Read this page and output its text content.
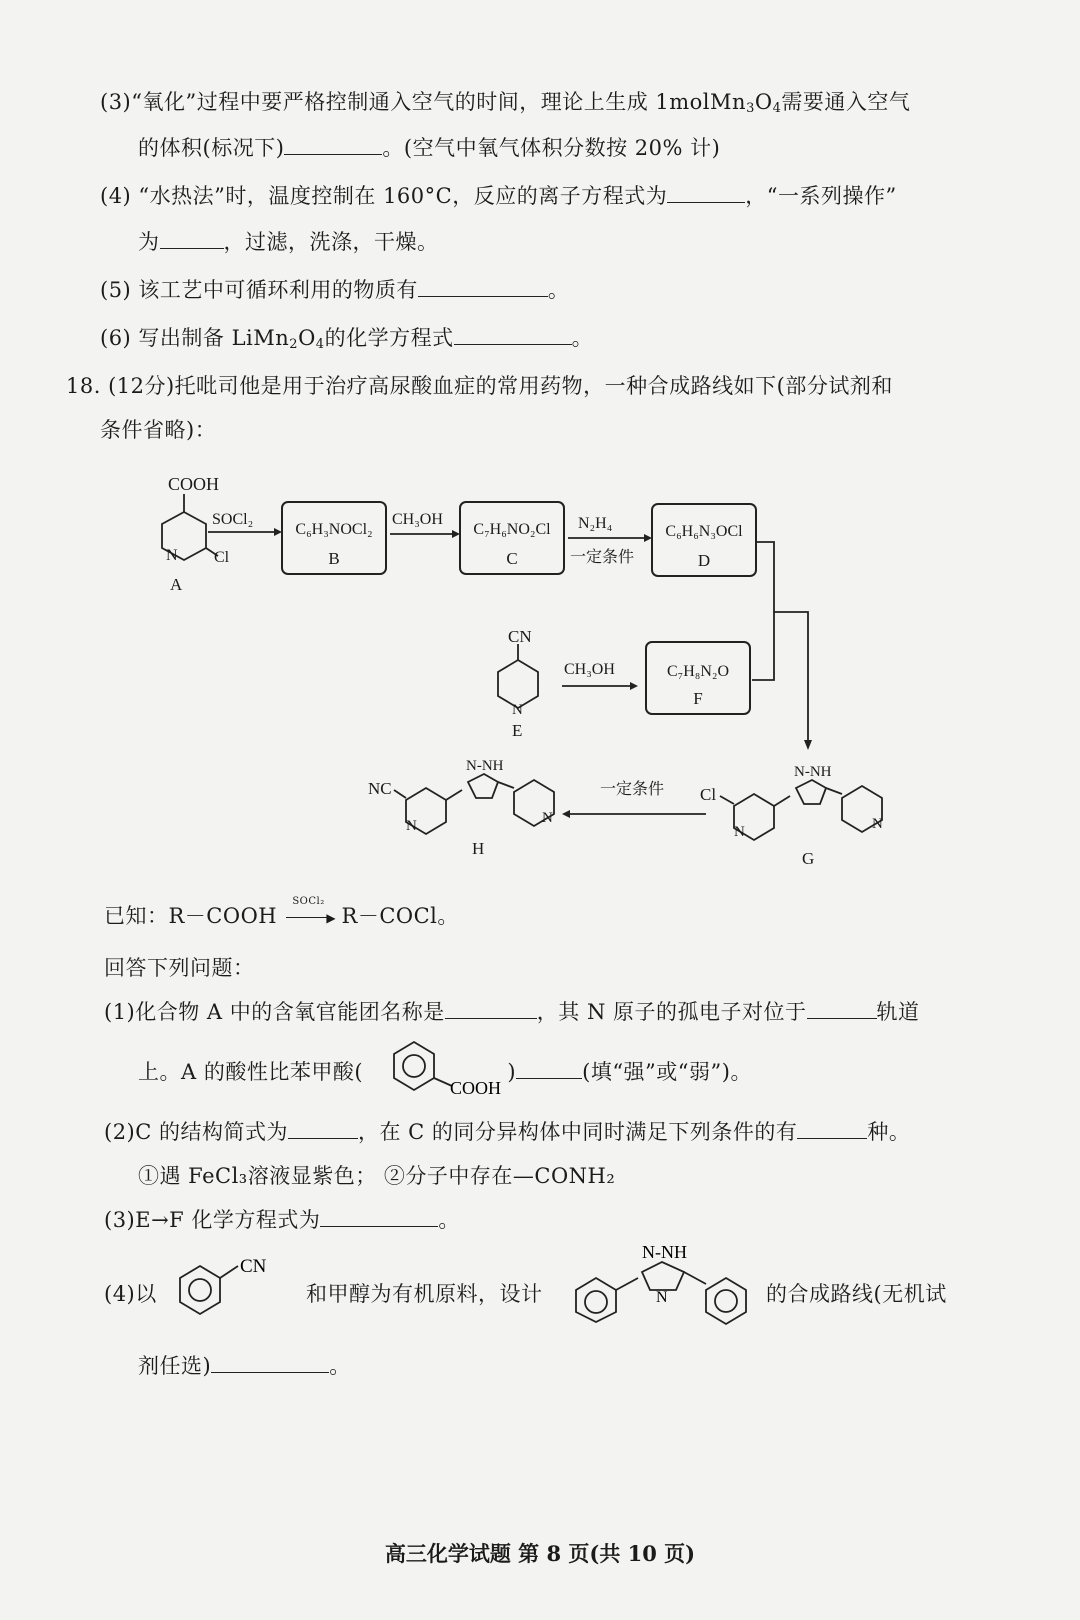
(3)“氧化”过程中要严格控制通入空气的时间，理论上生成 $1molMn_3O_4$需要通入空气
的体积(标况下)	。(空气中氧气体积分数按 20% 计)
(4) “水热法”时，温度控制在 160°C，反应的离子方程式为	，“一系列操作”
为	，过滤，洗涤，干燥。
(5) 该工艺中可循环利用的物质有	。
(6) 写出制备 $LiMn_2O_4$的化学方程式	。
18. (12分)托吡司他是用于治疗高尿酸血症的常用药物，一种合成路线如下(部分试剂和
条件省略)：
COOH
N Cl
A
SOCl₂
C₆H₃NOCl₂
B
CH₃OH
C₇H₆NO₂Cl
C
N₂H₄
一定条件
C₆H₆N₃OCl
D
CN
N
E
CH₃OH	C₇H₈N₂O
F
Cl
N
N-NH
N
G
一定条件
NC
N
N-NH
N
H
已知：R－COOH
SOCl₂
▶ R－COCl。
回答下列问题：
(1)化合物 A 中的含氧官能团名称是	，其 N 原子的孤电子对位于	轨道
上。A 的酸性比苯甲酸(	)	(填“强”或“弱”)。
COOH
(2)C 的结构简式为	，在 C 的同分异构体中同时满足下列条件的有	种。
①遇 FeCl₃溶液显紫色； ②分子中存在—CONH₂
(3)E→F 化学方程式为	。
(4)以
CN
和甲醇为有机原料，设计
N-NH
N	的合成路线(无机试
剂任选)	。
高三化学试题 第 8 页(共 10 页)
